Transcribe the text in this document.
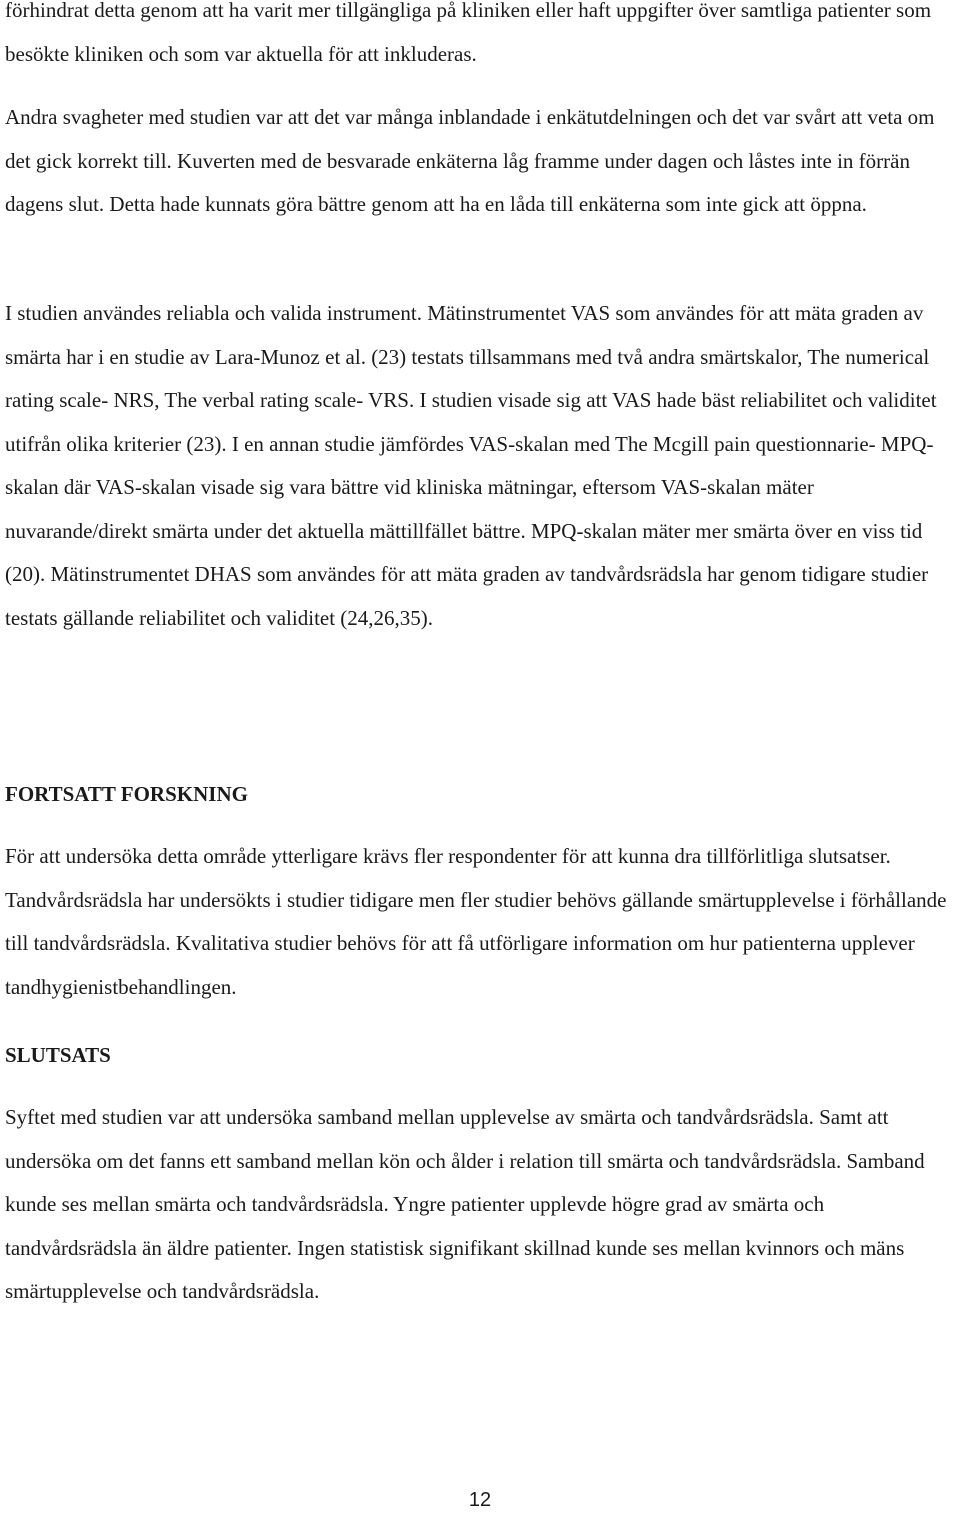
förhindrat detta genom att ha varit mer tillgängliga på kliniken eller haft uppgifter över samtliga patienter som besökte kliniken och som var aktuella för att inkluderas.

Andra svagheter med studien var att det var många inblandade i enkätutdelningen och det var svårt att veta om det gick korrekt till. Kuverten med de besvarade enkäterna låg framme under dagen och låstes inte in förrän dagens slut. Detta hade kunnats göra bättre genom att ha en låda till enkäterna som inte gick att öppna.

I studien användes reliabla och valida instrument. Mätinstrumentet VAS som användes för att mäta graden av smärta har i en studie av Lara-Munoz et al. (23) testats tillsammans med två andra smärtskalor, The numerical rating scale- NRS, The verbal rating scale- VRS. I studien visade sig att VAS hade bäst reliabilitet och validitet utifrån olika kriterier (23). I en annan studie jämfördes VAS-skalan med The Mcgill pain questionnarie- MPQ-skalan där VAS-skalan visade sig vara bättre vid kliniska mätningar, eftersom VAS-skalan mäter nuvarande/direkt smärta under det aktuella mättillfället bättre. MPQ-skalan mäter mer smärta över en viss tid (20). Mätinstrumentet DHAS som användes för att mäta graden av tandvårdsrädsla har genom tidigare studier testats gällande reliabilitet och validitet (24,26,35).

FORTSATT FORSKNING

För att undersöka detta område ytterligare krävs fler respondenter för att kunna dra tillförlitliga slutsatser. Tandvårdsrädsla har undersökts i studier tidigare men fler studier behövs gällande smärtupplevelse i förhållande till tandvårdsrädsla. Kvalitativa studier behövs för att få utförligare information om hur patienterna upplever tandhygienistbehandlingen.

SLUTSATS

Syftet med studien var att undersöka samband mellan upplevelse av smärta och tandvårdsrädsla. Samt att undersöka om det fanns ett samband mellan kön och ålder i relation till smärta och tandvårdsrädsla. Samband kunde ses mellan smärta och tandvårdsrädsla. Yngre patienter upplevde högre grad av smärta och tandvårdsrädsla än äldre patienter. Ingen statistisk signifikant skillnad kunde ses mellan kvinnors och mäns smärtupplevelse och tandvårdsrädsla.

12
